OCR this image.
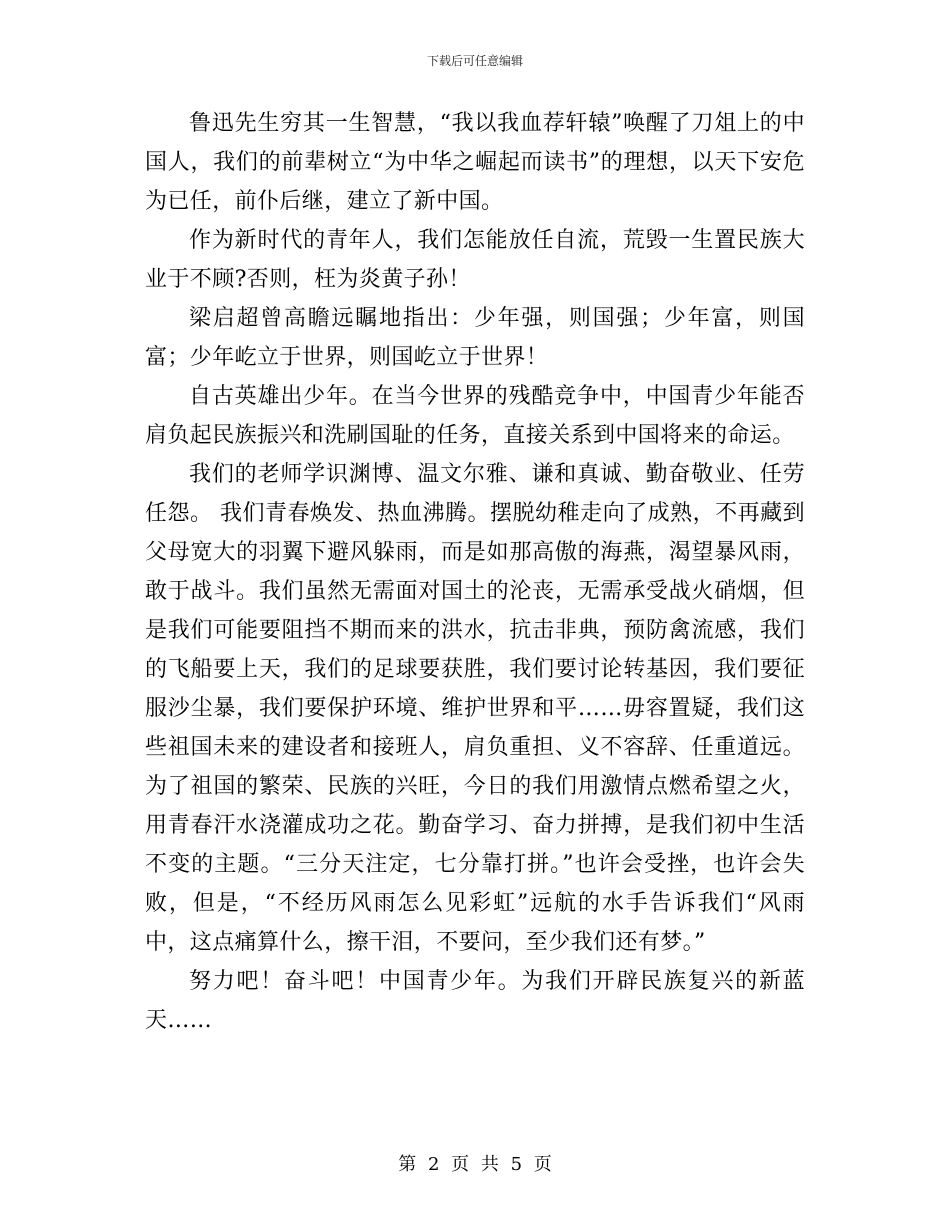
下载后可任意编辑

鲁迅先生穷其一生智慧，“我以我血荐轩辕”唤醒了刀俎上的中国人，我们的前辈树立“为中华之崛起而读书”的理想，以天下安危为已任，前仆后继，建立了新中国。

作为新时代的青年人，我们怎能放任自流，荒毁一生置民族大业于不顾?否则，枉为炎黄子孙！

梁启超曾高瞻远瞩地指出：少年强，则国强；少年富，则国富；少年屹立于世界，则国屹立于世界！

自古英雄出少年。在当今世界的残酷竞争中，中国青少年能否肩负起民族振兴和洗刷国耻的任务，直接关系到中国将来的命运。

我们的老师学识渊博、温文尔雅、谦和真诚、勤奋敬业、任劳任怨。 我们青春焕发、热血沸腾。摆脱幼稚走向了成熟，不再藏到父母宽大的羽翼下避风躲雨，而是如那高傲的海燕，渴望暴风雨，敢于战斗。我们虽然无需面对国土的沦丧，无需承受战火硝烟，但是我们可能要阻挡不期而来的洪水，抗击非典，预防禽流感，我们的飞船要上天，我们的足球要获胜，我们要讨论转基因，我们要征服沙尘暴，我们要保护环境、维护世界和平……毋容置疑，我们这些祖国未来的建设者和接班人，肩负重担、义不容辞、任重道远。为了祖国的繁荣、民族的兴旺，今日的我们用激情点燃希望之火，用青春汗水浇灌成功之花。勤奋学习、奋力拼搏，是我们初中生活不变的主题。“三分天注定，七分靠打拼。”也许会受挫，也许会失败，但是，“不经历风雨怎么见彩虹”远航的水手告诉我们“风雨中，这点痛算什么，擦干泪，不要问，至少我们还有梦。”

努力吧！奋斗吧！中国青少年。为我们开辟民族复兴的新蓝天……

第 2 页 共 5 页
